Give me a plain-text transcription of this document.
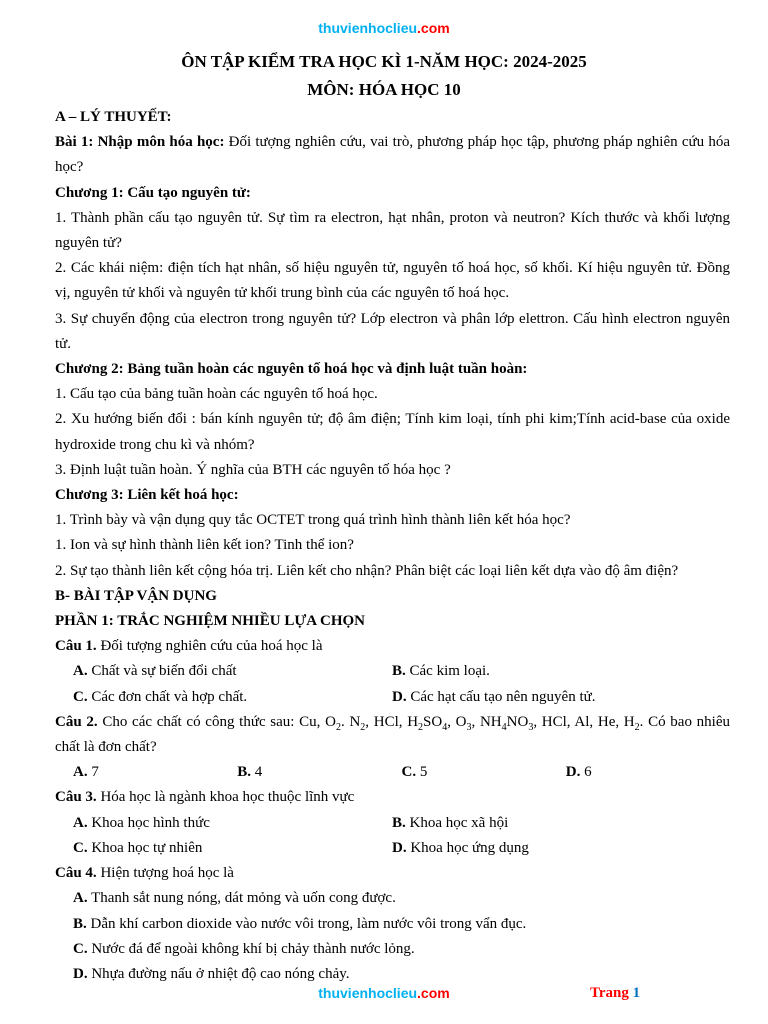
thuvienhoclieu.com
ÔN TẬP KIỂM TRA HỌC KÌ 1-NĂM HỌC: 2024-2025
MÔN: HÓA HỌC 10

A – LÝ THUYẾT:

Bài 1: Nhập môn hóa học: Đối tượng nghiên cứu, vai trò, phương pháp học tập, phương pháp nghiên cứu hóa học?

Chương 1: Cấu tạo nguyên tử:

1. Thành phần cấu tạo nguyên tử. Sự tìm ra electron, hạt nhân, proton và neutron? Kích thước và khối lượng nguyên tử?

2. Các khái niệm: điện tích hạt nhân, số hiệu nguyên tử, nguyên tố hoá học, số khối. Kí hiệu nguyên tử. Đồng vị, nguyên tử khối và nguyên tử khối trung bình của các nguyên tố hoá học.

3. Sự chuyển động của electron trong nguyên tử? Lớp electron và phân lớp elettron. Cấu hình electron nguyên tử.

Chương 2: Bảng tuần hoàn các nguyên tố hoá học và định luật tuần hoàn:

1. Cấu tạo của bảng tuần hoàn các nguyên tố hoá học.

2. Xu hướng biến đổi : bán kính nguyên tử; độ âm điện; Tính kim loại, tính phi kim;Tính acid-base của oxide hydroxide trong chu kì và nhóm?

3. Định luật tuần hoàn. Ý nghĩa của BTH các nguyên tố hóa học ?

Chương 3: Liên kết hoá học:

1. Trình bày và vận dụng quy tắc OCTET trong quá trình hình thành liên kết hóa học?

1. Ion và sự hình thành liên kết ion? Tinh thể ion?

2. Sự tạo thành liên kết cộng hóa trị. Liên kết cho nhận? Phân biệt các loại liên kết dựa vào độ âm điện?

B- BÀI TẬP VẬN DỤNG

PHẦN 1: TRẮC NGHIỆM NHIỀU LỰA CHỌN

Câu 1. Đối tượng nghiên cứu của hoá học là

A. Chất và sự biến đổi chất	B. Các kim loại.
C. Các đơn chất và hợp chất.	D. Các hạt cấu tạo nên nguyên tử.

Câu 2. Cho các chất có công thức sau: Cu, $O_2$. $N_2$, HCl, $H_2SO_4$, $O_3$, $NH_4NO_3$, HCl, Al, He, $H_2$. Có bao nhiêu chất là đơn chất?

A. 7	B. 4	C. 5	D. 6

Câu 3. Hóa học là ngành khoa học thuộc lĩnh vực

A. Khoa học hình thức	B. Khoa học xã hội
C. Khoa học tự nhiên	D. Khoa học ứng dụng

Câu 4. Hiện tượng hoá học là

A. Thanh sắt nung nóng, dát mỏng và uốn cong được.
B. Dẫn khí carbon dioxide vào nước vôi trong, làm nước vôi trong vẩn đục.
C. Nước đá để ngoài không khí bị chảy thành nước lỏng.
D. Nhựa đường nấu ở nhiệt độ cao nóng chảy.
thuvienhoclieu.com	Trang 1
